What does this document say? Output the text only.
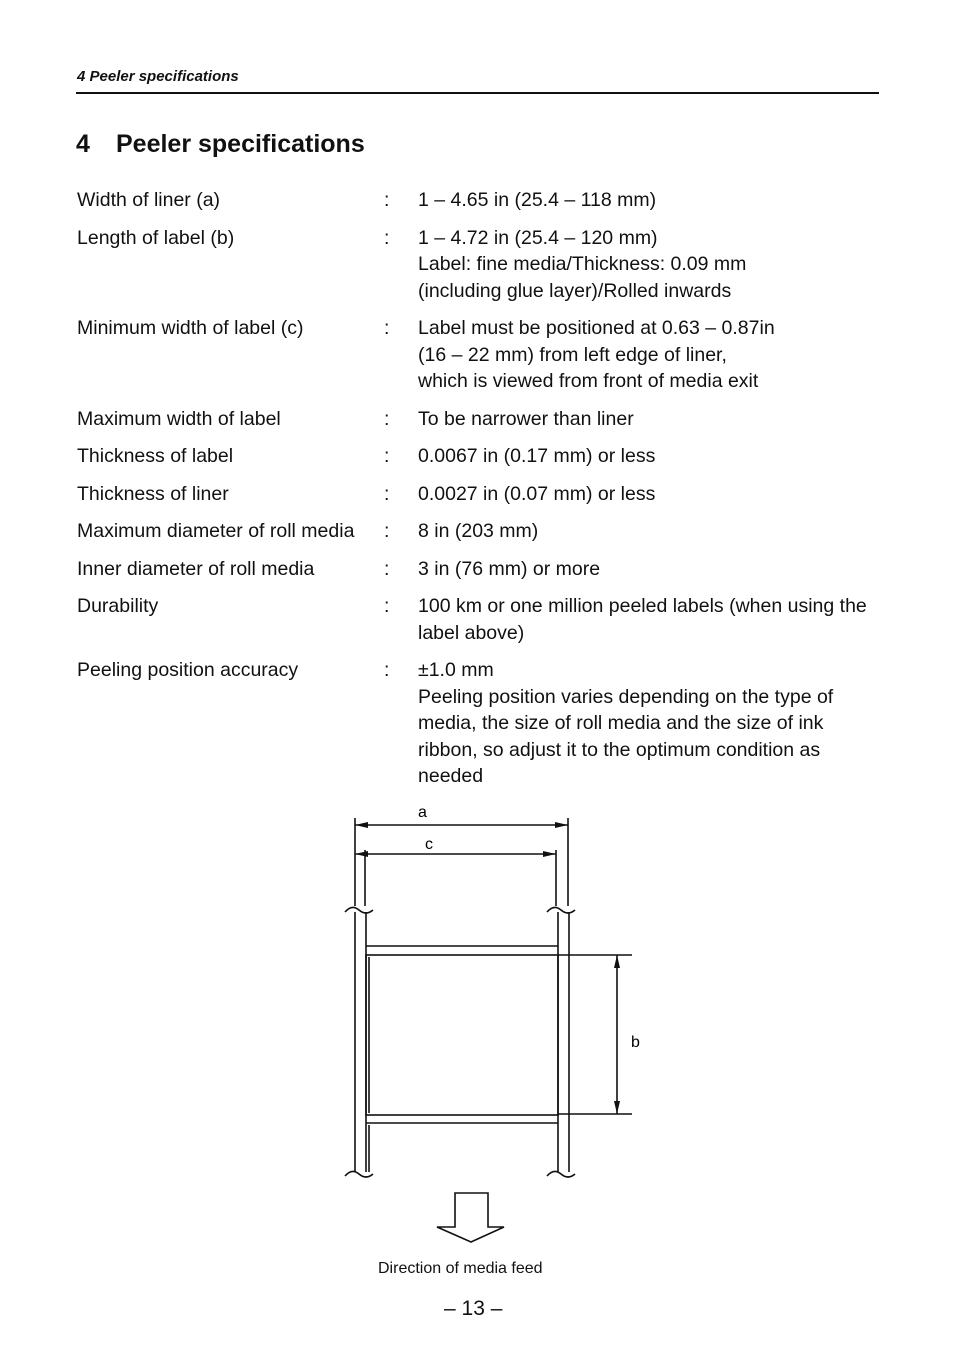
4 Peeler specifications
4 Peeler specifications
Width of liner (a)	:	1 – 4.65 in (25.4 – 118 mm)
Length of label (b)	:	1 – 4.72 in (25.4 – 120 mm)
Label: fine media/Thickness: 0.09 mm
(including glue layer)/Rolled inwards
Minimum width of label (c)	:	Label must be positioned at 0.63 – 0.87in
(16 – 22 mm) from left edge of liner,
which is viewed from front of media exit
Maximum width of label	:	To be narrower than liner
Thickness of label	:	0.0067 in (0.17 mm) or less
Thickness of liner	:	0.0027 in (0.07 mm) or less
Maximum diameter of roll media	:	8 in (203 mm)
Inner diameter of roll media	:	3 in (76 mm) or more
Durability	:	100 km or one million peeled labels (when using the label above)
Peeling position accuracy	:	±1.0 mm
Peeling position varies depending on the type of media, the size of roll media and the size of ink ribbon, so adjust it to the optimum condition as needed
a
c
b
Direction of media feed
– 13 –
